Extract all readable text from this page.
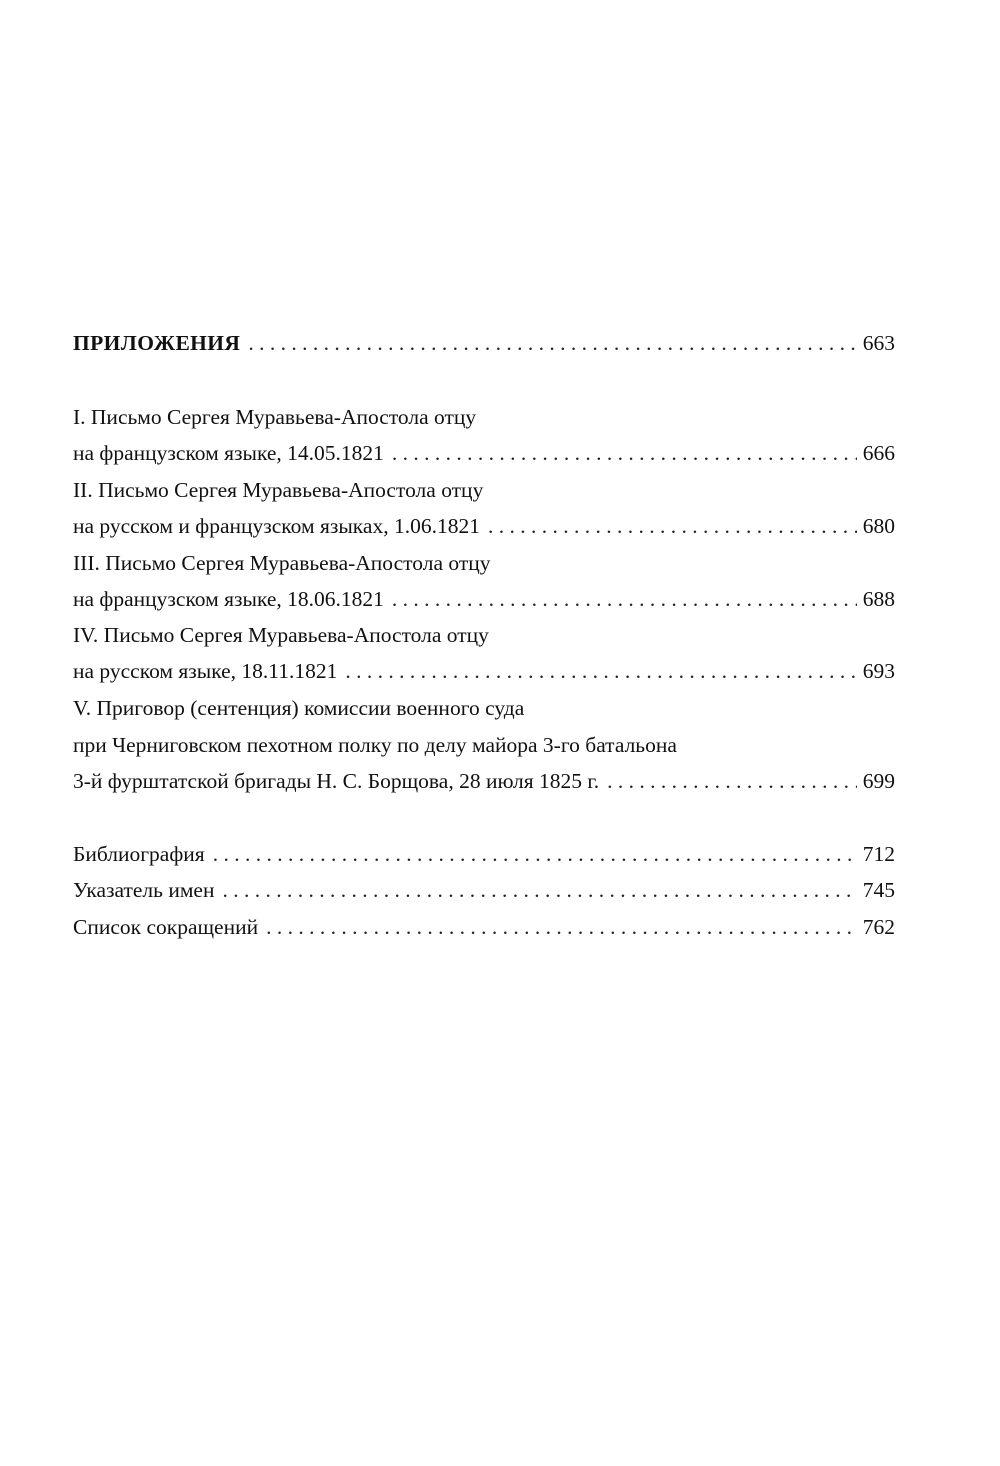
ПРИЛОЖЕНИЯ . . .	663
I. Письмо Сергея Муравьева-Апостола отцу
на французском языке, 14.05.1821 . . .	666
II. Письмо Сергея Муравьева-Апостола отцу
на русском и французском языках, 1.06.1821 . . .	680
III. Письмо Сергея Муравьева-Апостола отцу
на французском языке, 18.06.1821 . . .	688
IV. Письмо Сергея Муравьева-Апостола отцу
на русском языке, 18.11.1821 . . .	693
V. Приговор (сентенция) комиссии военного суда
при Черниговском пехотном полку по делу майора 3-го батальона
3-й фурштатской бригады Н. С. Борщова, 28 июля 1825 г. . . .	699
Библиография . . .	712
Указатель имен . . .	745
Список сокращений . . .	762
